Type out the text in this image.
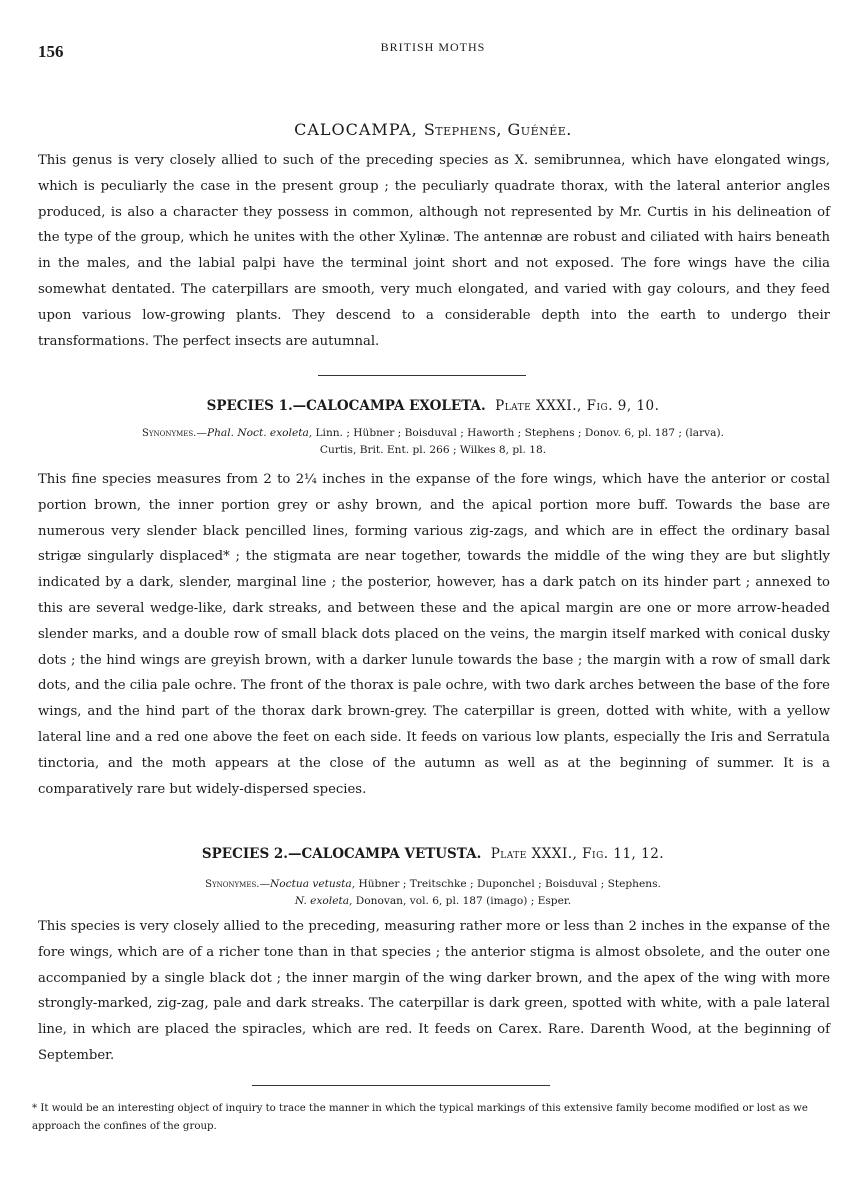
156	BRITISH MOTHS
CALOCAMPA, Stephens, Guénée.
This genus is very closely allied to such of the preceding species as X. semibrunnea, which have elongated wings, which is peculiarly the case in the present group ; the peculiarly quadrate thorax, with the lateral anterior angles produced, is also a character they possess in common, although not represented by Mr. Curtis in his delineation of the type of the group, which he unites with the other Xylinæ. The antennæ are robust and ciliated with hairs beneath in the males, and the labial palpi have the terminal joint short and not exposed. The fore wings have the cilia somewhat dentated. The caterpillars are smooth, very much elongated, and varied with gay colours, and they feed upon various low-growing plants. They descend to a considerable depth into the earth to undergo their transformations. The perfect insects are autumnal.
SPECIES 1.—CALOCAMPA EXOLETA. Plate XXXI., Fig. 9, 10.
Synonymes.—Phal. Noct. exoleta, Linn. ; Hübner ; Boisduval ; Haworth ; Stephens ; Donov. 6, pl. 187 ; (larva).
Curtis, Brit. Ent. pl. 266 ; Wilkes 8, pl. 18.
This fine species measures from 2 to 2¼ inches in the expanse of the fore wings, which have the anterior or costal portion brown, the inner portion grey or ashy brown, and the apical portion more buff. Towards the base are numerous very slender black pencilled lines, forming various zig-zags, and which are in effect the ordinary basal strigæ singularly displaced* ; the stigmata are near together, towards the middle of the wing they are but slightly indicated by a dark, slender, marginal line ; the posterior, however, has a dark patch on its hinder part ; annexed to this are several wedge-like, dark streaks, and between these and the apical margin are one or more arrow-headed slender marks, and a double row of small black dots placed on the veins, the margin itself marked with conical dusky dots ; the hind wings are greyish brown, with a darker lunule towards the base ; the margin with a row of small dark dots, and the cilia pale ochre. The front of the thorax is pale ochre, with two dark arches between the base of the fore wings, and the hind part of the thorax dark brown-grey. The caterpillar is green, dotted with white, with a yellow lateral line and a red one above the feet on each side. It feeds on various low plants, especially the Iris and Serratula tinctoria, and the moth appears at the close of the autumn as well as at the beginning of summer. It is a comparatively rare but widely-dispersed species.
SPECIES 2.—CALOCAMPA VETUSTA. Plate XXXI., Fig. 11, 12.
Synonymes.—Noctua vetusta, Hübner ; Treitschke ; Duponchel ; Boisduval ; Stephens.
N. exoleta, Donovan, vol. 6, pl. 187 (imago) ; Esper.
This species is very closely allied to the preceding, measuring rather more or less than 2 inches in the expanse of the fore wings, which are of a richer tone than in that species ; the anterior stigma is almost obsolete, and the outer one accompanied by a single black dot ; the inner margin of the wing darker brown, and the apex of the wing with more strongly-marked, zig-zag, pale and dark streaks. The caterpillar is dark green, spotted with white, with a pale lateral line, in which are placed the spiracles, which are red. It feeds on Carex. Rare. Darenth Wood, at the beginning of September.
* It would be an interesting object of inquiry to trace the manner in which the typical markings of this extensive family become modified or lost as we approach the confines of the group.
